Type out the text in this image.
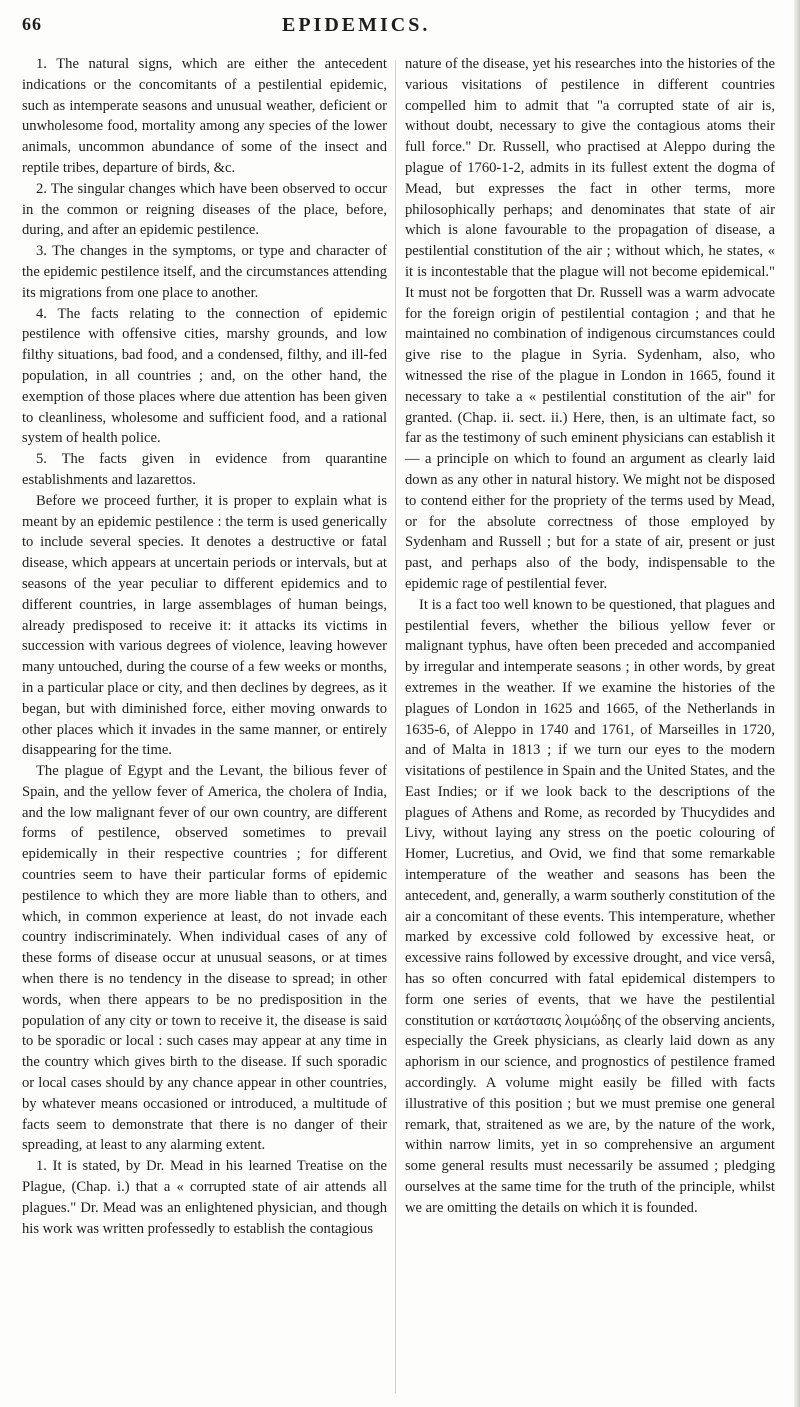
66	EPIDEMICS.

1. The natural signs, which are either the antecedent indications or the concomitants of a pestilential epidemic, such as intemperate seasons and unusual weather, deficient or unwholesome food, mortality among any species of the lower animals, uncommon abundance of some of the insect and reptile tribes, departure of birds, &c.

2. The singular changes which have been observed to occur in the common or reigning diseases of the place, before, during, and after an epidemic pestilence.

3. The changes in the symptoms, or type and character of the epidemic pestilence itself, and the circumstances attending its migrations from one place to another.

4. The facts relating to the connection of epidemic pestilence with offensive cities, marshy grounds, and low filthy situations, bad food, and a condensed, filthy, and ill-fed population, in all countries ; and, on the other hand, the exemption of those places where due attention has been given to cleanliness, wholesome and sufficient food, and a rational system of health police.

5. The facts given in evidence from quarantine establishments and lazarettos.

Before we proceed further, it is proper to explain what is meant by an epidemic pestilence : the term is used generically to include several species. It denotes a destructive or fatal disease, which appears at uncertain periods or intervals, but at seasons of the year peculiar to different epidemics and to different countries, in large assemblages of human beings, already predisposed to receive it: it attacks its victims in succession with various degrees of violence, leaving however many untouched, during the course of a few weeks or months, in a particular place or city, and then declines by degrees, as it began, but with diminished force, either moving onwards to other places which it invades in the same manner, or entirely disappearing for the time.

The plague of Egypt and the Levant, the bilious fever of Spain, and the yellow fever of America, the cholera of India, and the low malignant fever of our own country, are different forms of pestilence, observed sometimes to prevail epidemically in their respective countries ; for different countries seem to have their particular forms of epidemic pestilence to which they are more liable than to others, and which, in common experience at least, do not invade each country indiscriminately. When individual cases of any of these forms of disease occur at unusual seasons, or at times when there is no tendency in the disease to spread; in other words, when there appears to be no predisposition in the population of any city or town to receive it, the disease is said to be sporadic or local : such cases may appear at any time in the country which gives birth to the disease. If such sporadic or local cases should by any chance appear in other countries, by whatever means occasioned or introduced, a multitude of facts seem to demonstrate that there is no danger of their spreading, at least to any alarming extent.

1. It is stated, by Dr. Mead in his learned Treatise on the Plague, (Chap. i.) that a « corrupted state of air attends all plagues." Dr. Mead was an enlightened physician, and though his work was written professedly to establish the contagious

nature of the disease, yet his researches into the histories of the various visitations of pestilence in different countries compelled him to admit that "a corrupted state of air is, without doubt, necessary to give the contagious atoms their full force." Dr. Russell, who practised at Aleppo during the plague of 1760-1-2, admits in its fullest extent the dogma of Mead, but expresses the fact in other terms, more philosophically perhaps; and denominates that state of air which is alone favourable to the propagation of disease, a pestilential constitution of the air ; without which, he states, « it is incontestable that the plague will not become epidemical." It must not be forgotten that Dr. Russell was a warm advocate for the foreign origin of pestilential contagion ; and that he maintained no combination of indigenous circumstances could give rise to the plague in Syria. Sydenham, also, who witnessed the rise of the plague in London in 1665, found it necessary to take a « pestilential constitution of the air" for granted. (Chap. ii. sect. ii.) Here, then, is an ultimate fact, so far as the testimony of such eminent physicians can establish it — a principle on which to found an argument as clearly laid down as any other in natural history. We might not be disposed to contend either for the propriety of the terms used by Mead, or for the absolute correctness of those employed by Sydenham and Russell ; but for a state of air, present or just past, and perhaps also of the body, indispensable to the epidemic rage of pestilential fever.

It is a fact too well known to be questioned, that plagues and pestilential fevers, whether the bilious yellow fever or malignant typhus, have often been preceded and accompanied by irregular and intemperate seasons ; in other words, by great extremes in the weather. If we examine the histories of the plagues of London in 1625 and 1665, of the Netherlands in 1635-6, of Aleppo in 1740 and 1761, of Marseilles in 1720, and of Malta in 1813 ; if we turn our eyes to the modern visitations of pestilence in Spain and the United States, and the East Indies; or if we look back to the descriptions of the plagues of Athens and Rome, as recorded by Thucydides and Livy, without laying any stress on the poetic colouring of Homer, Lucretius, and Ovid, we find that some remarkable intemperature of the weather and seasons has been the antecedent, and, generally, a warm southerly constitution of the air a concomitant of these events. This intemperature, whether marked by excessive cold followed by excessive heat, or excessive rains followed by excessive drought, and vice versâ, has so often concurred with fatal epidemical distempers to form one series of events, that we have the pestilential constitution or κατάστασις λοιμώδης of the observing ancients, especially the Greek physicians, as clearly laid down as any aphorism in our science, and prognostics of pestilence framed accordingly. A volume might easily be filled with facts illustrative of this position ; but we must premise one general remark, that, straitened as we are, by the nature of the work, within narrow limits, yet in so comprehensive an argument some general results must necessarily be assumed ; pledging ourselves at the same time for the truth of the principle, whilst we are omitting the details on which it is founded.
